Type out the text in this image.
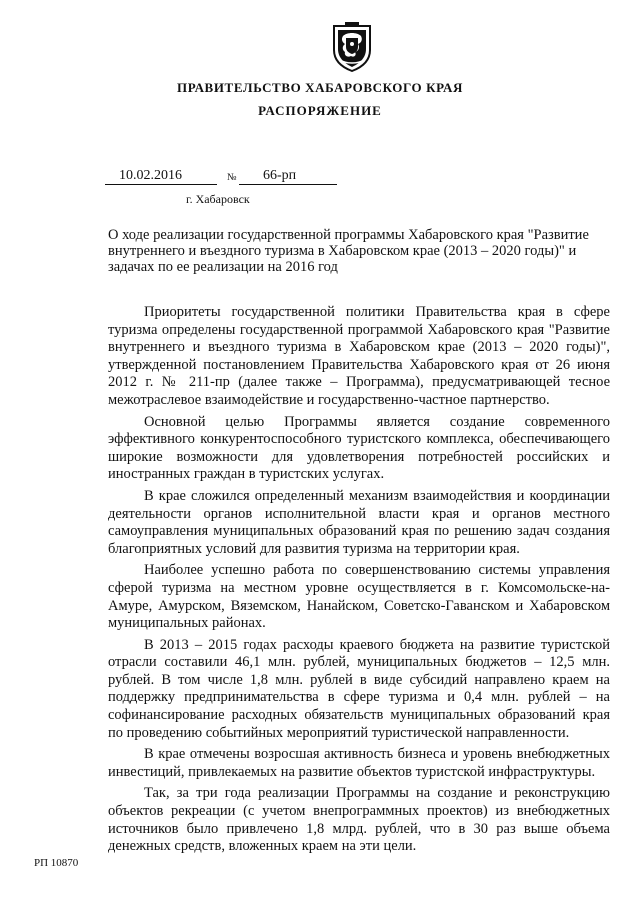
ПРАВИТЕЛЬСТВО ХАБАРОВСКОГО КРАЯ
РАСПОРЯЖЕНИЕ
10.02.2016	№	66-рп
г. Хабаровск
О ходе реализации государственной программы Хабаровского края "Развитие внутреннего и въездного туризма в Хабаровском крае (2013 – 2020 годы)" и задачах по ее реализации на 2016 год

Приоритеты государственной политики Правительства края в сфере туризма определены государственной программой Хабаровского края "Развитие внутреннего и въездного туризма в Хабаровском крае (2013 – 2020 годы)", утвержденной постановлением Правительства Хабаровского края от 26 июня 2012 г. № 211-пр (далее также – Программа), предусматривающей тесное межотраслевое взаимодействие и государственно-частное партнерство.

Основной целью Программы является создание современного эффективного конкурентоспособного туристского комплекса, обеспечивающего широкие возможности для удовлетворения потребностей российских и иностранных граждан в туристских услугах.

В крае сложился определенный механизм взаимодействия и координации деятельности органов исполнительной власти края и органов местного самоуправления муниципальных образований края по решению задач создания благоприятных условий для развития туризма на территории края.

Наиболее успешно работа по совершенствованию системы управления сферой туризма на местном уровне осуществляется в г. Комсомольске-на-Амуре, Амурском, Вяземском, Нанайском, Советско-Гаванском и Хабаровском муниципальных районах.

В 2013 – 2015 годах расходы краевого бюджета на развитие туристской отрасли составили 46,1 млн. рублей, муниципальных бюджетов – 12,5 млн. рублей. В том числе 1,8 млн. рублей в виде субсидий направлено краем на поддержку предпринимательства в сфере туризма и 0,4 млн. рублей – на софинансирование расходных обязательств муниципальных образований края по проведению событийных мероприятий туристической направленности.

В крае отмечены возросшая активность бизнеса и уровень внебюджетных инвестиций, привлекаемых на развитие объектов туристской инфраструктуры.

Так, за три года реализации Программы на создание и реконструкцию объектов рекреации (с учетом внепрограммных проектов) из внебюджетных источников было привлечено 1,8 млрд. рублей, что в 30 раз выше объема денежных средств, вложенных краем на эти цели.

РП 10870
